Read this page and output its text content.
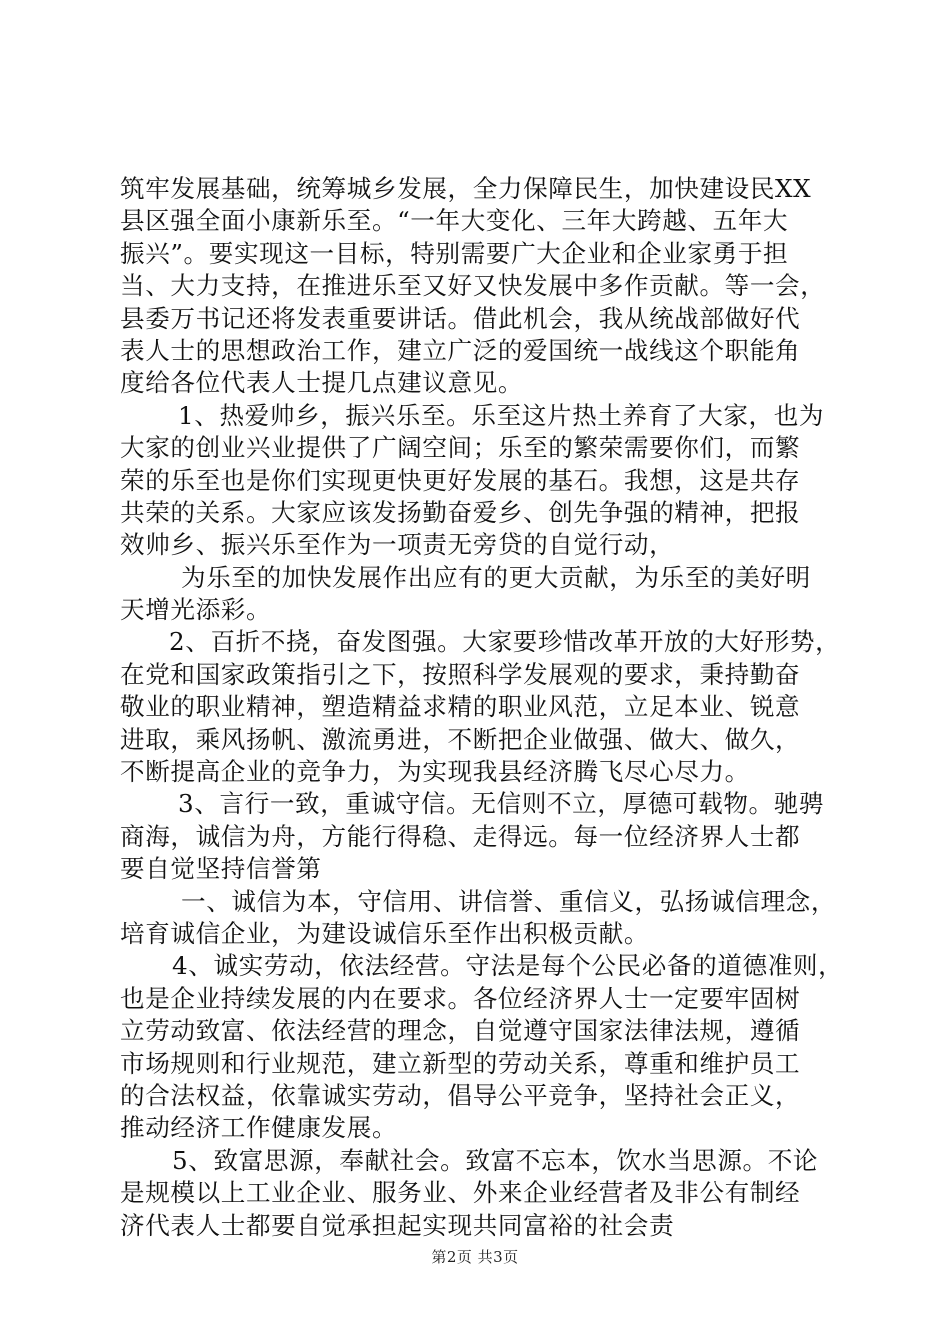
筑牢发展基础，统筹城乡发展，全力保障民生，加快建设民XX
县区强全面小康新乐至。“一年大变化、三年大跨越、五年大
振兴”。要实现这一目标，特别需要广大企业和企业家勇于担
当、大力支持，在推进乐至又好又快发展中多作贡献。等一会，
县委万书记还将发表重要讲话。借此机会，我从统战部做好代
表人士的思想政治工作，建立广泛的爱国统一战线这个职能角
度给各位代表人士提几点建议意见。
1、热爱帅乡，振兴乐至。乐至这片热土养育了大家，也为
大家的创业兴业提供了广阔空间；乐至的繁荣需要你们，而繁
荣的乐至也是你们实现更快更好发展的基石。我想，这是共存
共荣的关系。大家应该发扬勤奋爱乡、创先争强的精神，把报
效帅乡、振兴乐至作为一项责无旁贷的自觉行动，
为乐至的加快发展作出应有的更大贡献，为乐至的美好明
天增光添彩。
2、百折不挠，奋发图强。大家要珍惜改革开放的大好形势，
在党和国家政策指引之下，按照科学发展观的要求，秉持勤奋
敬业的职业精神，塑造精益求精的职业风范，立足本业、锐意
进取，乘风扬帆、激流勇进，不断把企业做强、做大、做久，
不断提高企业的竞争力，为实现我县经济腾飞尽心尽力。
3、言行一致，重诚守信。无信则不立，厚德可载物。驰骋
商海，诚信为舟，方能行得稳、走得远。每一位经济界人士都
要自觉坚持信誉第
一、诚信为本，守信用、讲信誉、重信义，弘扬诚信理念，
培育诚信企业，为建设诚信乐至作出积极贡献。
4、诚实劳动，依法经营。守法是每个公民必备的道德准则，
也是企业持续发展的内在要求。各位经济界人士一定要牢固树
立劳动致富、依法经营的理念，自觉遵守国家法律法规，遵循
市场规则和行业规范，建立新型的劳动关系，尊重和维护员工
的合法权益，依靠诚实劳动，倡导公平竞争，坚持社会正义，
推动经济工作健康发展。
5、致富思源，奉献社会。致富不忘本，饮水当思源。不论
是规模以上工业企业、服务业、外来企业经营者及非公有制经
济代表人士都要自觉承担起实现共同富裕的社会责
第2页 共3页
